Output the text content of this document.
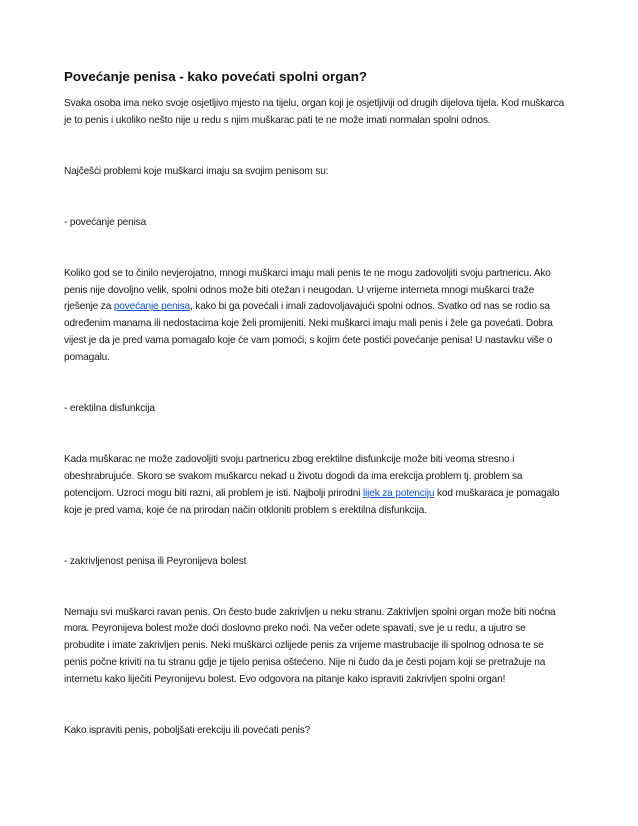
Povećanje penisa - kako povećati spolni organ?

Svaka osoba ima neko svoje osjetljivo mjesto na tijelu, organ koji je osjetljiviji od drugih dijelova tijela. Kod muškarca je to penis i ukoliko nešto nije u redu s njim muškarac pati te ne može imati normalan spolni odnos.

Najčešći problemi koje muškarci imaju sa svojim penisom su:

- povećanje penisa

Koliko god se to činilo nevjerojatno, mnogi muškarci imaju mali penis te ne mogu zadovoljiti svoju partnericu. Ako penis nije dovoljno velik, spolni odnos može biti otežan i neugodan. U vrijeme interneta mnogi muškarci traže rješenje za povećanje penisa, kako bi ga povećali i imali zadovoljavajući spolni odnos. Svatko od nas se rodio sa određenim manama ili nedostacima koje želi promijeniti. Neki muškarci imaju mali penis i žele ga povećati. Dobra vijest je da je pred vama pomagalo koje će vam pomoći, s kojim ćete postići povećanje penisa! U nastavku više o pomagalu.

- erektilna disfunkcija

Kada muškarac ne može zadovoljiti svoju partnericu zbog erektilne disfunkcije može biti veoma stresno i obeshrabrujuće. Skoro se svakom muškarcu nekad u životu dogodi da ima erekcija problem tj. problem sa potencijom. Uzroci mogu biti razni, ali problem je isti. Najbolji prirodni lijek za potenciju kod muškaraca je pomagalo koje je pred vama, koje će na prirodan način otkloniti problem s erektilna disfunkcija.

- zakrivljenost penisa ili Peyronijeva bolest

Nemaju svi muškarci ravan penis. On često bude zakrivljen u neku stranu. Zakrivljen spolni organ može biti noćna mora. Peyronijeva bolest može doći doslovno preko noći. Na večer odete spavati, sve je u redu, a ujutro se probudite i imate zakrivljen penis. Neki muškarci ozlijede penis za vrijeme mastrubacije ili spolnog odnosa te se penis počne kriviti na tu stranu gdje je tijelo penisa oštećeno. Nije ni čudo da je česti pojam koji se pretražuje na internetu kako liječiti Peyronijevu bolest. Evo odgovora na pitanje kako ispraviti zakrivljen spolni organ!

Kako ispraviti penis, poboljšati erekciju ili povećati penis?
